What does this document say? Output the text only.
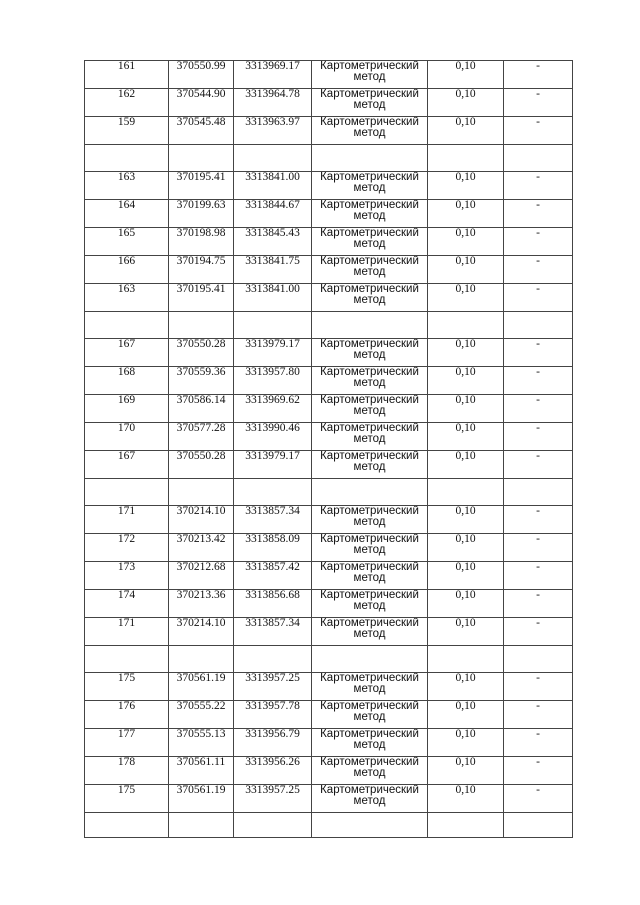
161	370550.99	3313969.17	Картометрический метод	0,10	-
162	370544.90	3313964.78	Картометрический метод	0,10	-
159	370545.48	3313963.97	Картометрический метод	0,10	-

163	370195.41	3313841.00	Картометрический метод	0,10	-
164	370199.63	3313844.67	Картометрический метод	0,10	-
165	370198.98	3313845.43	Картометрический метод	0,10	-
166	370194.75	3313841.75	Картометрический метод	0,10	-
163	370195.41	3313841.00	Картометрический метод	0,10	-

167	370550.28	3313979.17	Картометрический метод	0,10	-
168	370559.36	3313957.80	Картометрический метод	0,10	-
169	370586.14	3313969.62	Картометрический метод	0,10	-
170	370577.28	3313990.46	Картометрический метод	0,10	-
167	370550.28	3313979.17	Картометрический метод	0,10	-

171	370214.10	3313857.34	Картометрический метод	0,10	-
172	370213.42	3313858.09	Картометрический метод	0,10	-
173	370212.68	3313857.42	Картометрический метод	0,10	-
174	370213.36	3313856.68	Картометрический метод	0,10	-
171	370214.10	3313857.34	Картометрический метод	0,10	-

175	370561.19	3313957.25	Картометрический метод	0,10	-
176	370555.22	3313957.78	Картометрический метод	0,10	-
177	370555.13	3313956.79	Картометрический метод	0,10	-
178	370561.11	3313956.26	Картометрический метод	0,10	-
175	370561.19	3313957.25	Картометрический метод	0,10	-
